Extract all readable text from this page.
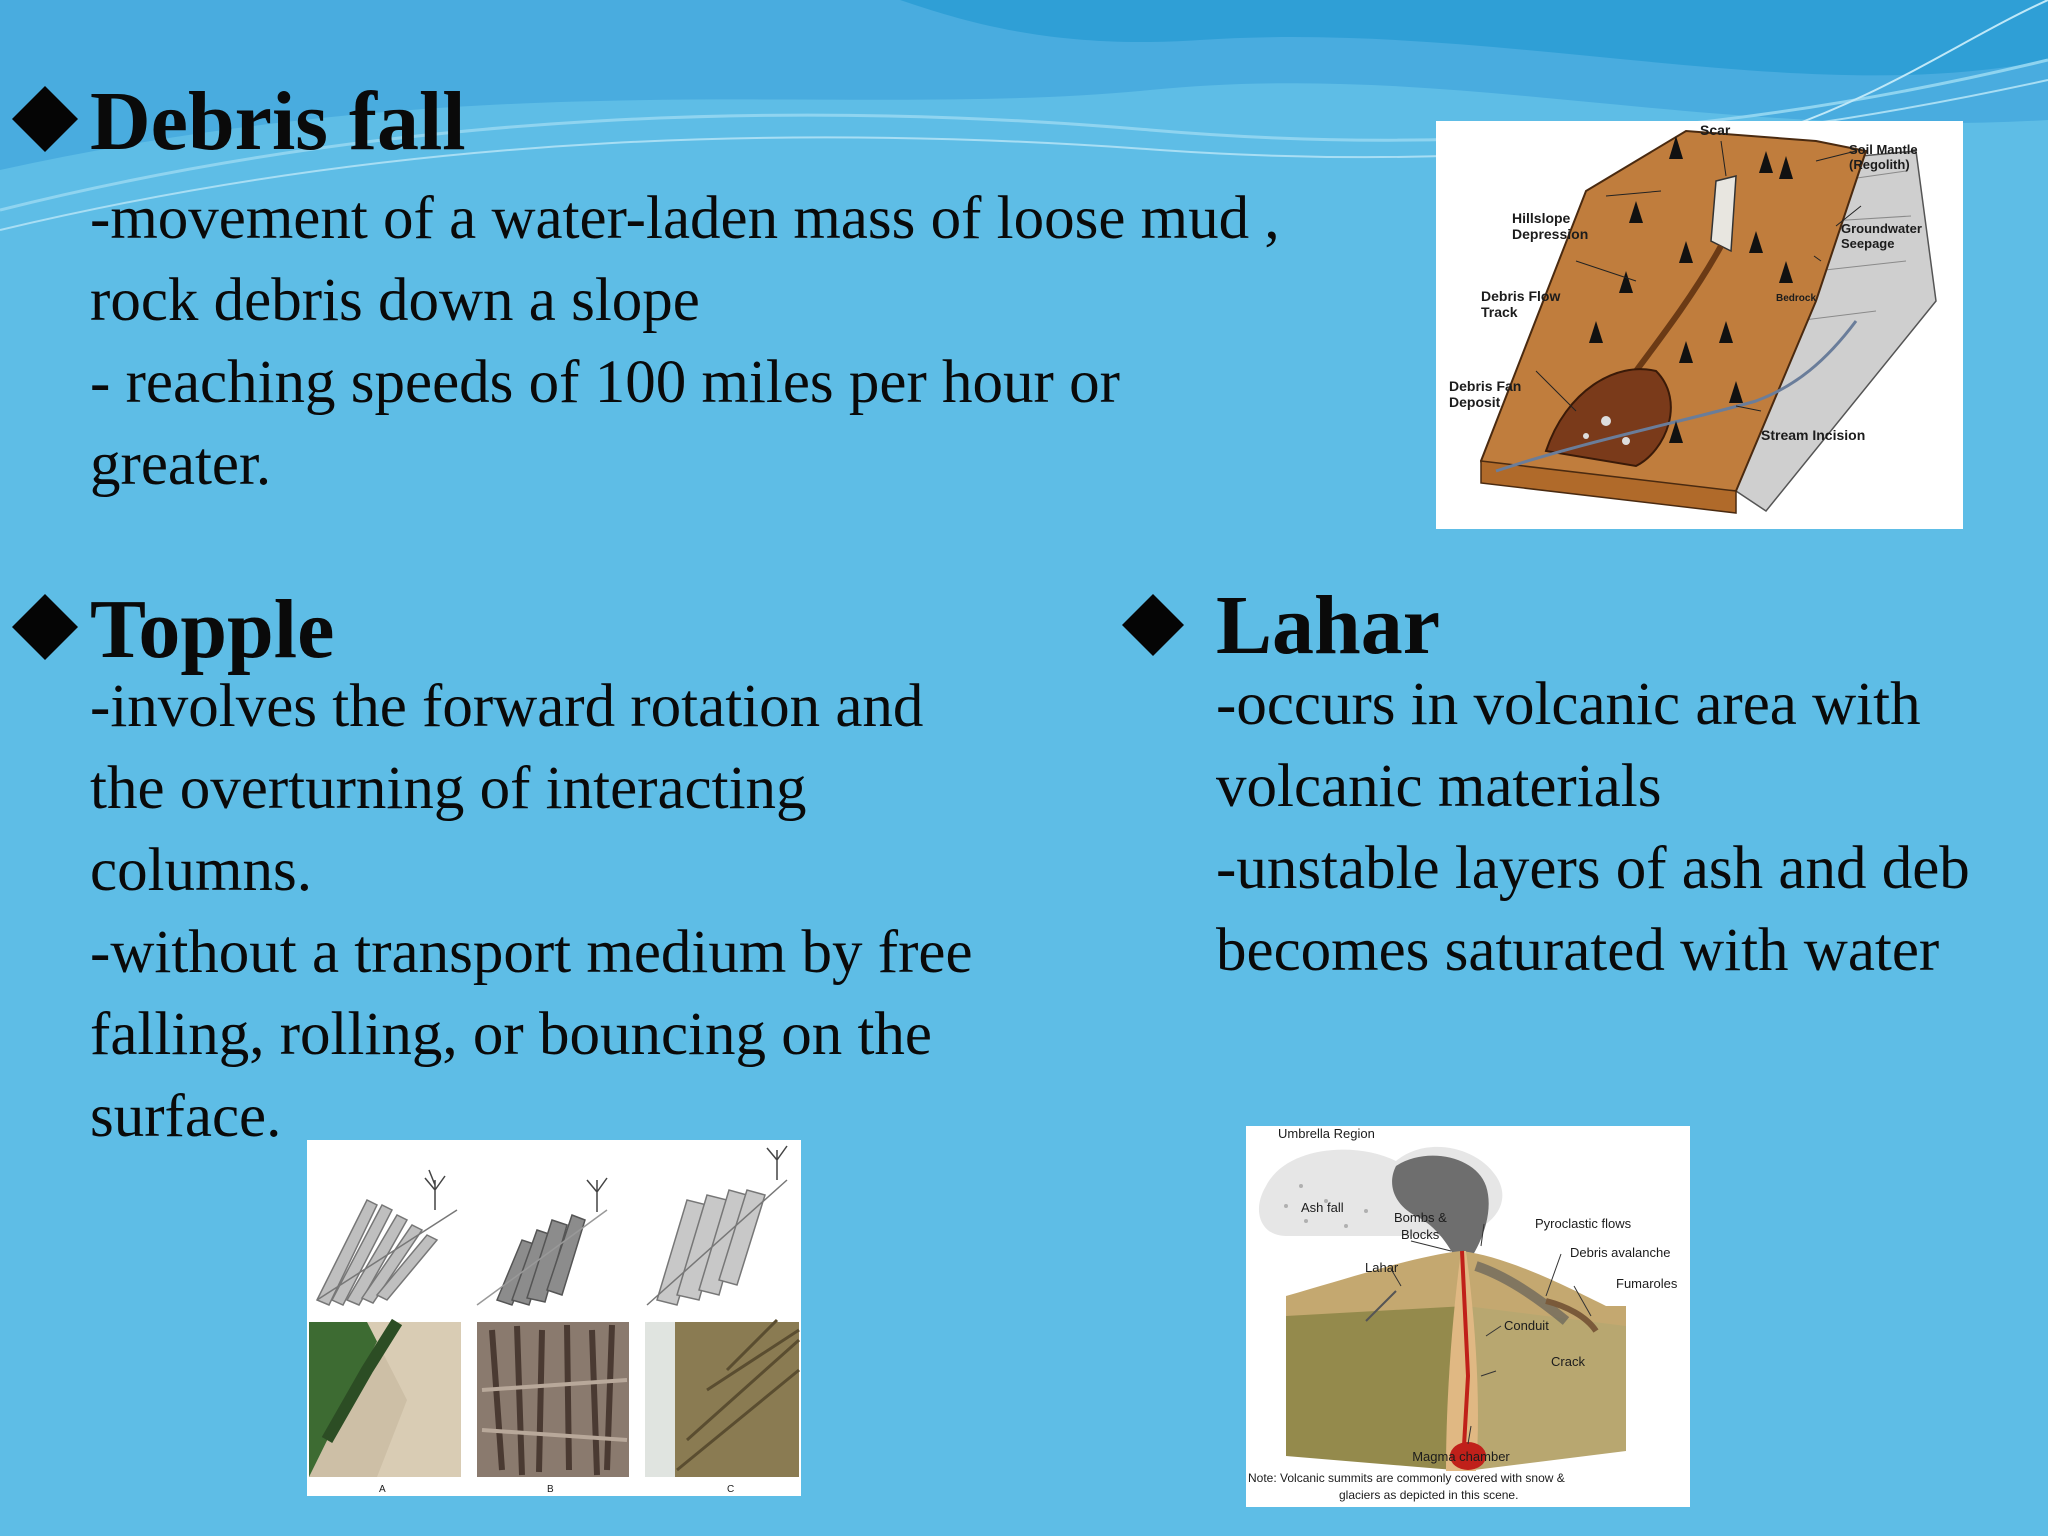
Debris fall
-movement of a water-laden mass of loose mud ,
rock debris down a slope
- reaching speeds of 100 miles per hour or
greater.
Topple
-involves the forward rotation and
the overturning of interacting
columns.
-without a transport medium by free
falling, rolling, or bouncing on the
surface.
Lahar
-occurs in volcanic area with
volcanic materials
-unstable layers of ash and deb
becomes saturated with water
Scar
Soil Mantle
(Regolith)
Hillslope
Depression	Groundwater
Seepage
Debris Flow
Track
Bedrock
Debris Fan
Deposit
Stream Incision
A	B	C
Umbrella Region
Ash fall
Bombs &
Blocks
Pyroclastic flows
Debris avalanche
Lahar
Fumaroles
Conduit
Crack
Magma chamber
Note: Volcanic summits are commonly covered with snow &
glaciers as depicted in this scene.
